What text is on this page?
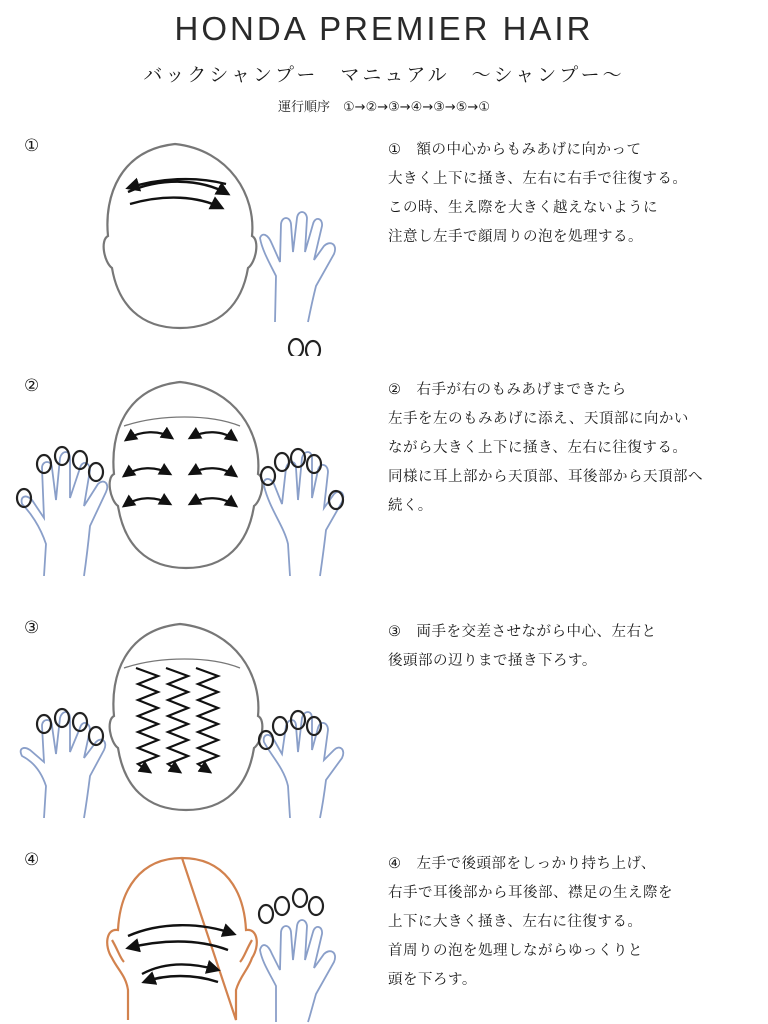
HONDA PREMIER HAIR
バックシャンプー　マニュアル　～シャンプー～
運行順序　①→②→③→④→③→⑤→①
①	①　額の中心からもみあげに向かって
大きく上下に掻き、左右に右手で往復する。
この時、生え際を大きく越えないように
注意し左手で顔周りの泡を処理する。
②	②　右手が右のもみあげまできたら
左手を左のもみあげに添え、天頂部に向かい
ながら大きく上下に掻き、左右に往復する。
同様に耳上部から天頂部、耳後部から天頂部へ
続く。
③	③　両手を交差させながら中心、左右と
後頭部の辺りまで掻き下ろす。
④	④　左手で後頭部をしっかり持ち上げ、
右手で耳後部から耳後部、襟足の生え際を
上下に大きく掻き、左右に往復する。
首周りの泡を処理しながらゆっくりと
頭を下ろす。
